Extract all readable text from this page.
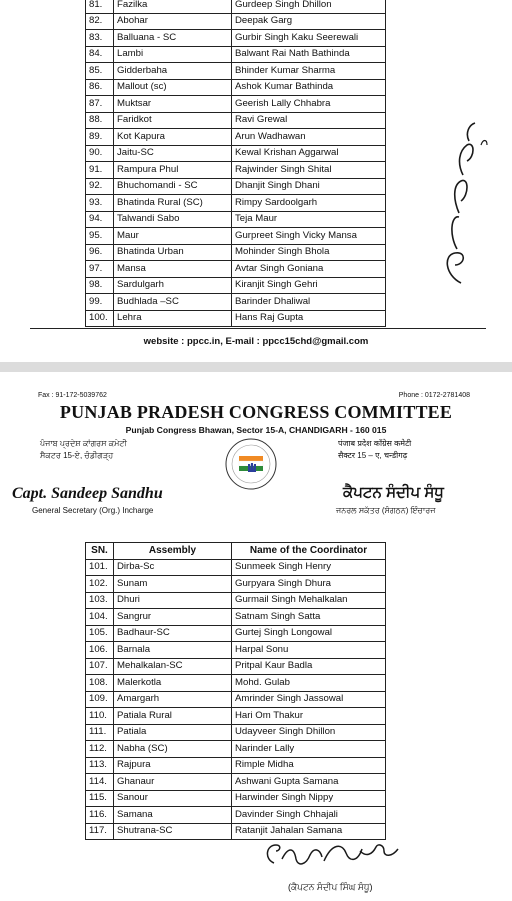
81.	Fazilka	Gurdeep Singh Dhillon
82.	Abohar	Deepak Garg
83.	Balluana - SC	Gurbir Singh Kaku Seerewali
84.	Lambi	Balwant Rai Nath Bathinda
85.	Gidderbaha	Bhinder Kumar Sharma
86.	Mallout (sc)	Ashok Kumar Bathinda
87.	Muktsar	Geerish Lally Chhabra
88.	Faridkot	Ravi Grewal
89.	Kot Kapura	Arun Wadhawan
90.	Jaitu-SC	Kewal Krishan Aggarwal
91.	Rampura Phul	Rajwinder Singh Shital
92.	Bhuchomandi - SC	Dhanjit Singh Dhani
93.	Bhatinda Rural (SC)	Rimpy Sardoolgarh
94.	Talwandi Sabo	Teja Maur
95.	Maur	Gurpreet Singh Vicky Mansa
96.	Bhatinda Urban	Mohinder Singh Bhola
97.	Mansa	Avtar Singh Goniana
98.	Sardulgarh	Kiranjit Singh Gehri
99.	Budhlada –SC	Barinder Dhaliwal
100.	Lehra	Hans Raj Gupta
website : ppcc.in, E-mail : ppcc15chd@gmail.com
Fax : 91-172-5039762	Phone : 0172-2781408
PUNJAB PRADESH CONGRESS COMMITTEE
Punjab Congress Bhawan, Sector 15-A, CHANDIGARH - 160 015
ਪੰਜਾਬ ਪ੍ਰਦੇਸ਼ ਕਾਂਗਰਸ ਕਮੇਟੀ
ਸੈਕਟਰ 15-ਏ, ਚੰਡੀਗੜ੍ਹ
पंजाब प्रदेश कॉंग्रेस कमेटी
सैक्टर 15 – ए, चन्डीगढ़
Capt. Sandeep Sandhu
General Secretary (Org.) Incharge
ਕੈਪਟਨ ਸੰਦੀਪ ਸੰਧੂ
ਜਨਰਲ ਸਕੱਤਰ (ਸੰਗਠਨ) ਇੰਚਾਰਜ
SN.	Assembly	Name of the Coordinator
101.	Dirba-Sc	Sunmeek Singh Henry
102.	Sunam	Gurpyara Singh Dhura
103.	Dhuri	Gurmail Singh Mehalkalan
104.	Sangrur	Satnam Singh Satta
105.	Badhaur-SC	Gurtej Singh Longowal
106.	Barnala	Harpal Sonu
107.	Mehalkalan-SC	Pritpal Kaur Badla
108.	Malerkotla	Mohd. Gulab
109.	Amargarh	Amrinder Singh Jassowal
110.	Patiala Rural	Hari Om Thakur
111.	Patiala	Udayveer Singh Dhillon
112.	Nabha (SC)	Narinder Lally
113.	Rajpura	Rimple Midha
114.	Ghanaur	Ashwani Gupta Samana
115.	Sanour	Harwinder Singh Nippy
116.	Samana	Davinder Singh Chhajali
117.	Shutrana-SC	Ratanjit Jahalan Samana
(ਕੈਪਟਨ ਸੰਦੀਪ ਸਿੰਘ ਸੰਧੂ)
